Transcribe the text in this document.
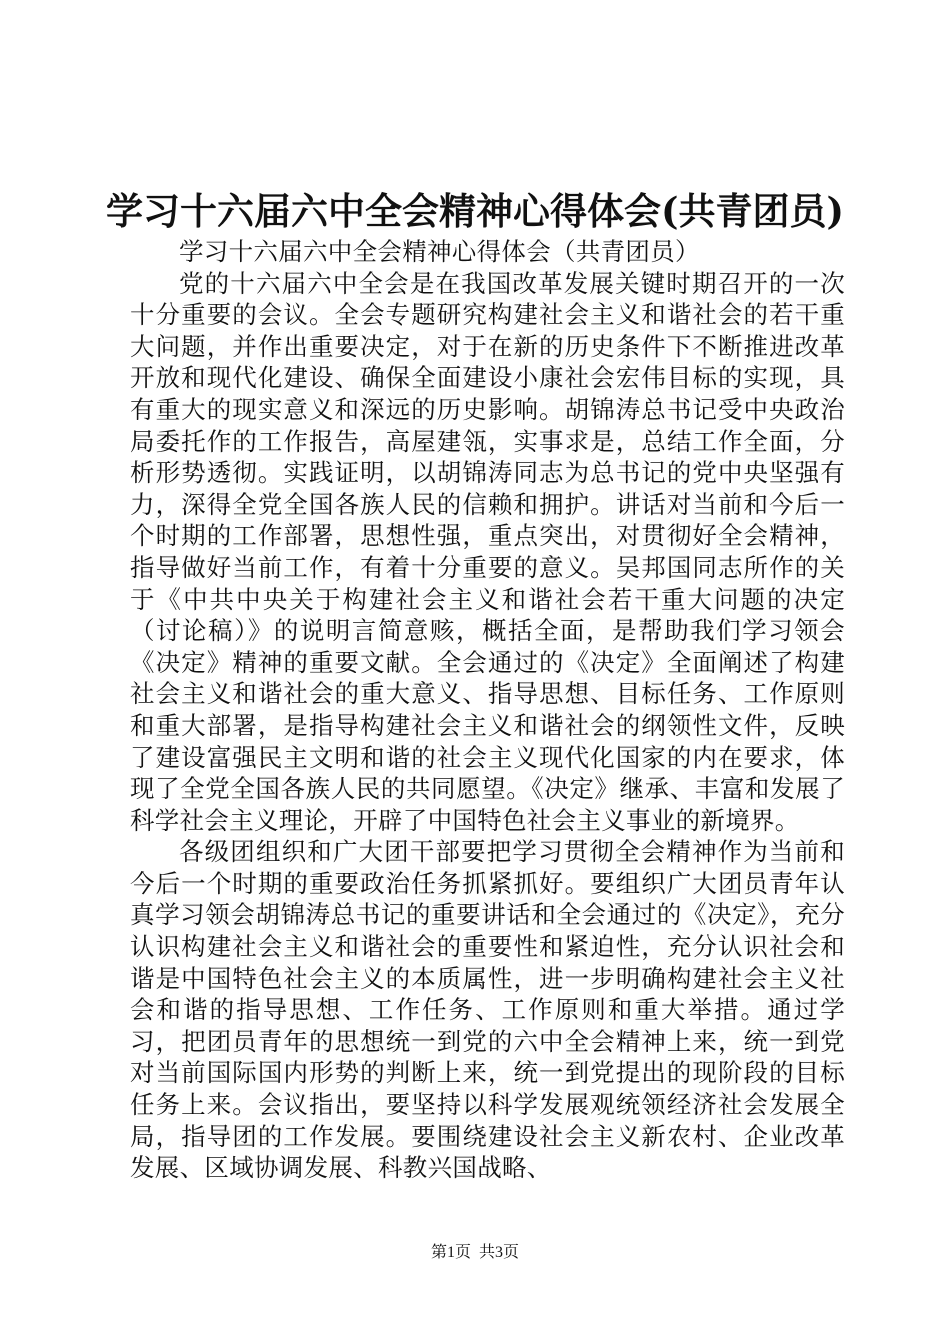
学习十六届六中全会精神心得体会(共青团员)

学习十六届六中全会精神心得体会（共青团员）

党的十六届六中全会是在我国改革发展关键时期召开的一次十分重要的会议。全会专题研究构建社会主义和谐社会的若干重大问题，并作出重要决定，对于在新的历史条件下不断推进改革开放和现代化建设、确保全面建设小康社会宏伟目标的实现，具有重大的现实意义和深远的历史影响。胡锦涛总书记受中央政治局委托作的工作报告，高屋建瓴，实事求是，总结工作全面，分析形势透彻。实践证明，以胡锦涛同志为总书记的党中央坚强有力，深得全党全国各族人民的信赖和拥护。讲话对当前和今后一个时期的工作部署，思想性强，重点突出，对贯彻好全会精神，指导做好当前工作，有着十分重要的意义。吴邦国同志所作的关于《中共中央关于构建社会主义和谐社会若干重大问题的决定（讨论稿）》的说明言简意赅，概括全面，是帮助我们学习领会《决定》精神的重要文献。全会通过的《决定》全面阐述了构建社会主义和谐社会的重大意义、指导思想、目标任务、工作原则和重大部署，是指导构建社会主义和谐社会的纲领性文件，反映了建设富强民主文明和谐的社会主义现代化国家的内在要求，体现了全党全国各族人民的共同愿望。《决定》继承、丰富和发展了科学社会主义理论，开辟了中国特色社会主义事业的新境界。

各级团组织和广大团干部要把学习贯彻全会精神作为当前和今后一个时期的重要政治任务抓紧抓好。要组织广大团员青年认真学习领会胡锦涛总书记的重要讲话和全会通过的《决定》，充分认识构建社会主义和谐社会的重要性和紧迫性，充分认识社会和谐是中国特色社会主义的本质属性，进一步明确构建社会主义社会和谐的指导思想、工作任务、工作原则和重大举措。通过学习，把团员青年的思想统一到党的六中全会精神上来，统一到党对当前国际国内形势的判断上来，统一到党提出的现阶段的目标任务上来。会议指出，要坚持以科学发展观统领经济社会发展全局，指导团的工作发展。要围绕建设社会主义新农村、企业改革发展、区域协调发展、科教兴国战略、

第1页 共3页
